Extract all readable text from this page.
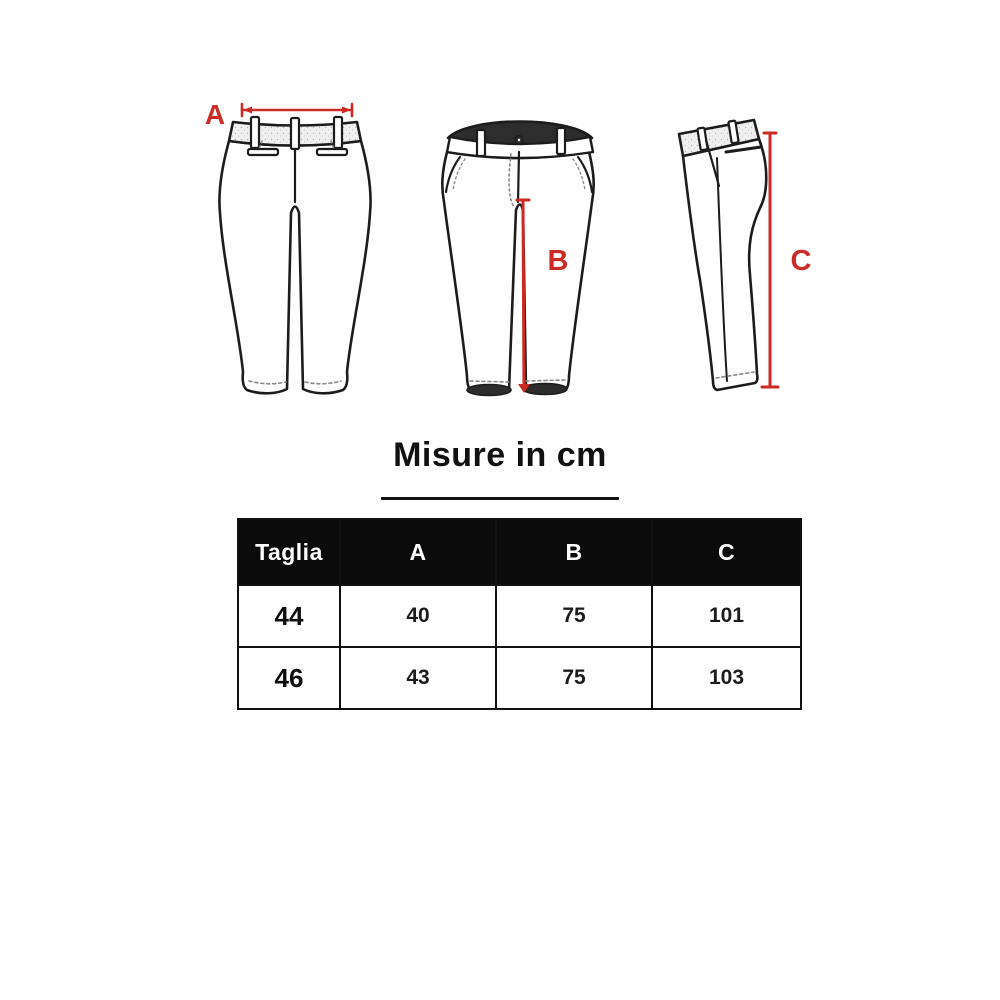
A
B	C
Misure in cm
Taglia	A	B	C
44	40	75	101
46	43	75	103
